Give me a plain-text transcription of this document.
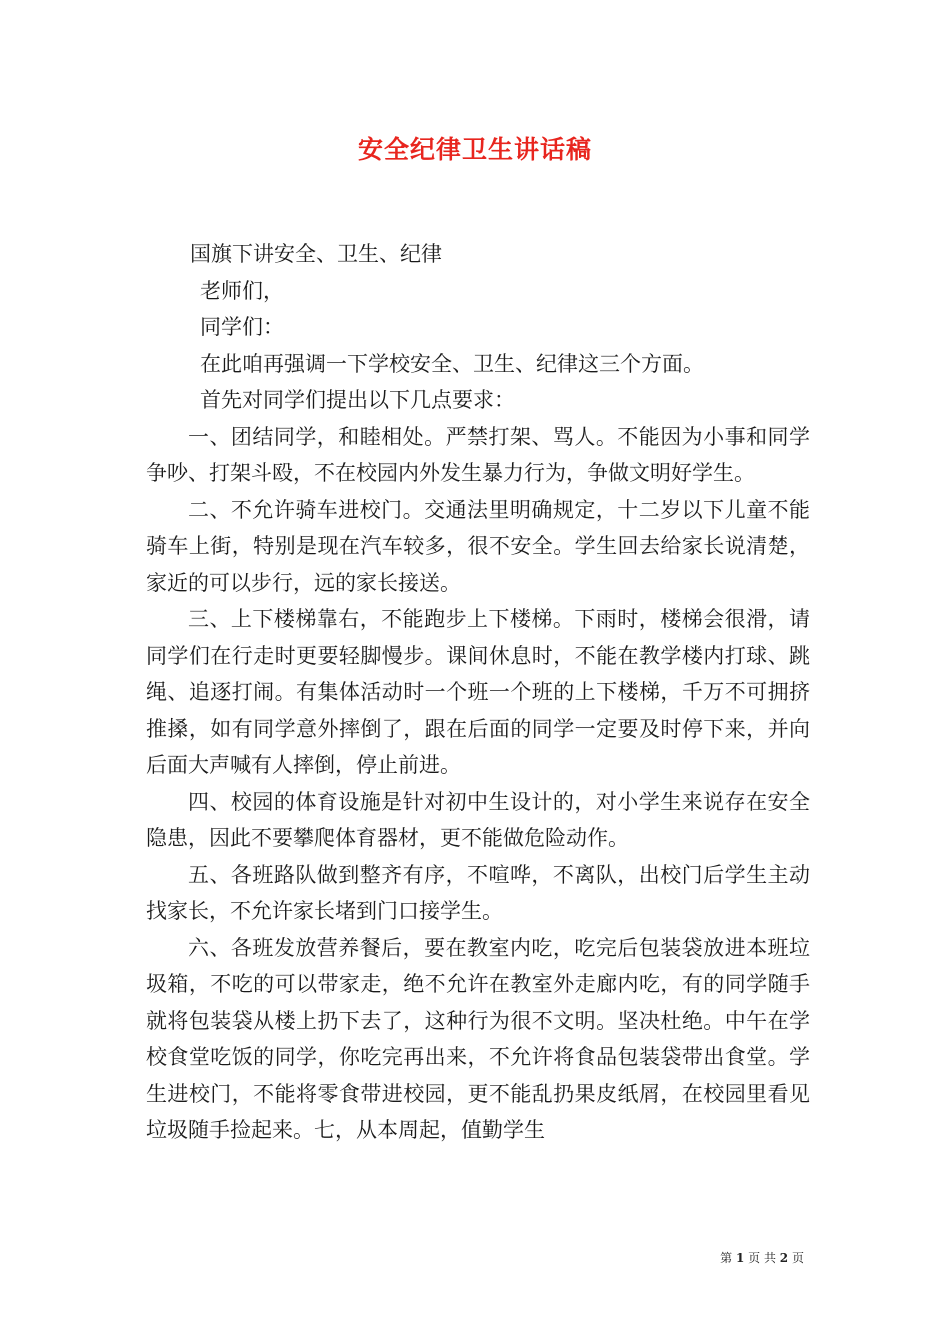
安全纪律卫生讲话稿

国旗下讲安全、卫生、纪律

老师们，

同学们：

在此咱再强调一下学校安全、卫生、纪律这三个方面。

首先对同学们提出以下几点要求：

一、团结同学，和睦相处。严禁打架、骂人。不能因为小事和同学争吵、打架斗殴，不在校园内外发生暴力行为，争做文明好学生。

二、不允许骑车进校门。交通法里明确规定，十二岁以下儿童不能骑车上街，特别是现在汽车较多，很不安全。学生回去给家长说清楚，家近的可以步行，远的家长接送。

三、上下楼梯靠右，不能跑步上下楼梯。下雨时，楼梯会很滑，请同学们在行走时更要轻脚慢步。课间休息时，不能在教学楼内打球、跳绳、追逐打闹。有集体活动时一个班一个班的上下楼梯，千万不可拥挤推搡，如有同学意外摔倒了，跟在后面的同学一定要及时停下来，并向后面大声喊有人摔倒，停止前进。

四、校园的体育设施是针对初中生设计的，对小学生来说存在安全隐患，因此不要攀爬体育器材，更不能做危险动作。

五、各班路队做到整齐有序，不喧哗，不离队，出校门后学生主动找家长，不允许家长堵到门口接学生。

六、各班发放营养餐后，要在教室内吃，吃完后包装袋放进本班垃圾箱，不吃的可以带家走，绝不允许在教室外走廊内吃，有的同学随手就将包装袋从楼上扔下去了，这种行为很不文明。坚决杜绝。中午在学校食堂吃饭的同学，你吃完再出来，不允许将食品包装袋带出食堂。学生进校门，不能将零食带进校园，更不能乱扔果皮纸屑，在校园里看见垃圾随手捡起来。七，从本周起，值勤学生

第 1 页 共 2 页
